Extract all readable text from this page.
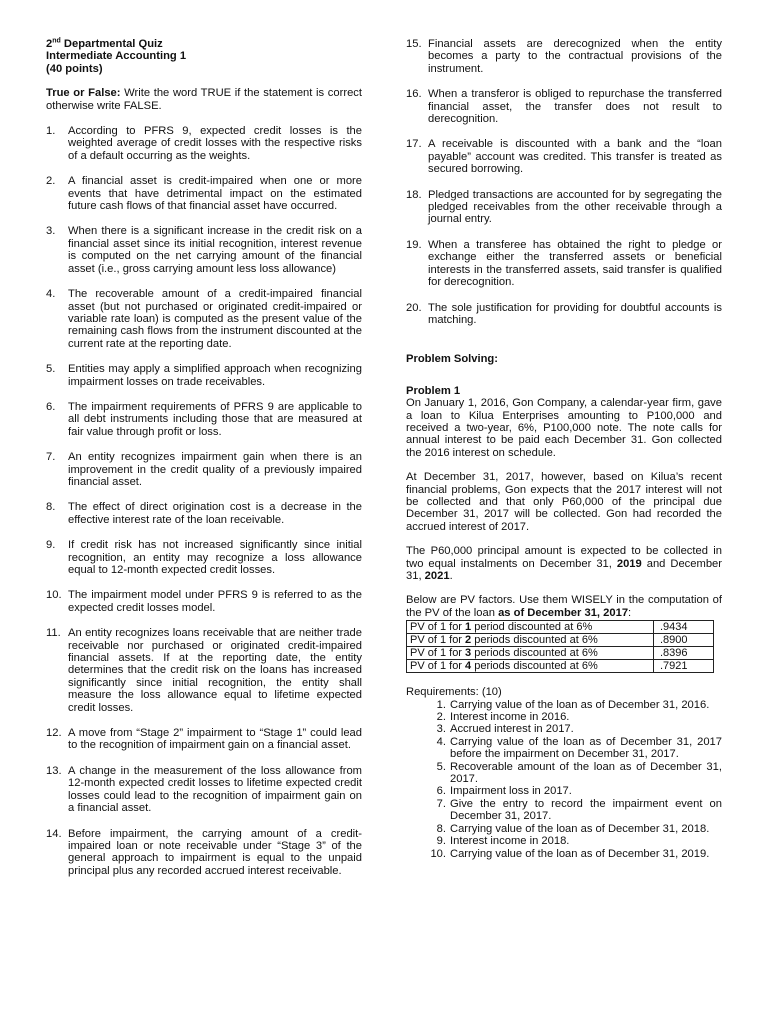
2nd Departmental Quiz

Intermediate Accounting 1

(40 points)

True or False: Write the word TRUE if the statement is correct otherwise write FALSE.
1. According to PFRS 9, expected credit losses is the weighted average of credit losses with the respective risks of a default occurring as the weights.
2. A financial asset is credit-impaired when one or more events that have detrimental impact on the estimated future cash flows of that financial asset have occurred.
3. When there is a significant increase in the credit risk on a financial asset since its initial recognition, interest revenue is computed on the net carrying amount of the financial asset (i.e., gross carrying amount less loss allowance)
4. The recoverable amount of a credit-impaired financial asset (but not purchased or originated credit-impaired or variable rate loan) is computed as the present value of the remaining cash flows from the instrument discounted at the current rate at the reporting date.
5. Entities may apply a simplified approach when recognizing impairment losses on trade receivables.
6. The impairment requirements of PFRS 9 are applicable to all debt instruments including those that are measured at fair value through profit or loss.
7. An entity recognizes impairment gain when there is an improvement in the credit quality of a previously impaired financial asset.
8. The effect of direct origination cost is a decrease in the effective interest rate of the loan receivable.
9. If credit risk has not increased significantly since initial recognition, an entity may recognize a loss allowance equal to 12-month expected credit losses.
10. The impairment model under PFRS 9 is referred to as the expected credit losses model.
11. An entity recognizes loans receivable that are neither trade receivable nor purchased or originated credit-impaired financial assets. If at the reporting date, the entity determines that the credit risk on the loans has increased significantly since initial recognition, the entity shall measure the loss allowance equal to lifetime expected credit losses.
12. A move from “Stage 2” impairment to “Stage 1” could lead to the recognition of impairment gain on a financial asset.
13. A change in the measurement of the loss allowance from 12-month expected credit losses to lifetime expected credit losses could lead to the recognition of impairment gain on a financial asset.
14. Before impairment, the carrying amount of a credit-impaired loan or note receivable under “Stage 3” of the general approach to impairment is equal to the unpaid principal plus any recorded accrued interest receivable.
15. Financial assets are derecognized when the entity becomes a party to the contractual provisions of the instrument.
16. When a transferor is obliged to repurchase the transferred financial asset, the transfer does not result to derecognition.
17. A receivable is discounted with a bank and the “loan payable” account was credited. This transfer is treated as secured borrowing.
18. Pledged transactions are accounted for by segregating the pledged receivables from the other receivable through a journal entry.
19. When a transferee has obtained the right to pledge or exchange either the transferred assets or beneficial interests in the transferred assets, said transfer is qualified for derecognition.
20. The sole justification for providing for doubtful accounts is matching.
Problem Solving:
Problem 1

On January 1, 2016, Gon Company, a calendar-year firm, gave a loan to Kilua Enterprises amounting to P100,000 and received a two-year, 6%, P100,000 note. The note calls for annual interest to be paid each December 31. Gon collected the 2016 interest on schedule.

At December 31, 2017, however, based on Kilua’s recent financial problems, Gon expects that the 2017 interest will not be collected and that only P60,000 of the principal due December 31, 2017 will be collected. Gon had recorded the accrued interest of 2017.

The P60,000 principal amount is expected to be collected in two equal instalments on December 31, 2019 and December 31, 2021.

Below are PV factors. Use them WISELY in the computation of the PV of the loan as of December 31, 2017:

PV of 1 for 1 period discounted at 6%	.9434
PV of 1 for 2 periods discounted at 6%	.8900
PV of 1 for 3 periods discounted at 6%	.8396
PV of 1 for 4 periods discounted at 6%	.7921
Requirements: (10)
1. Carrying value of the loan as of December 31, 2016.
2. Interest income in 2016.
3. Accrued interest in 2017.
4. Carrying value of the loan as of December 31, 2017 before the impairment on December 31, 2017.
5. Recoverable amount of the loan as of December 31, 2017.
6. Impairment loss in 2017.
7. Give the entry to record the impairment event on December 31, 2017.
8. Carrying value of the loan as of December 31, 2018.
9. Interest income in 2018.
10. Carrying value of the loan as of December 31, 2019.
